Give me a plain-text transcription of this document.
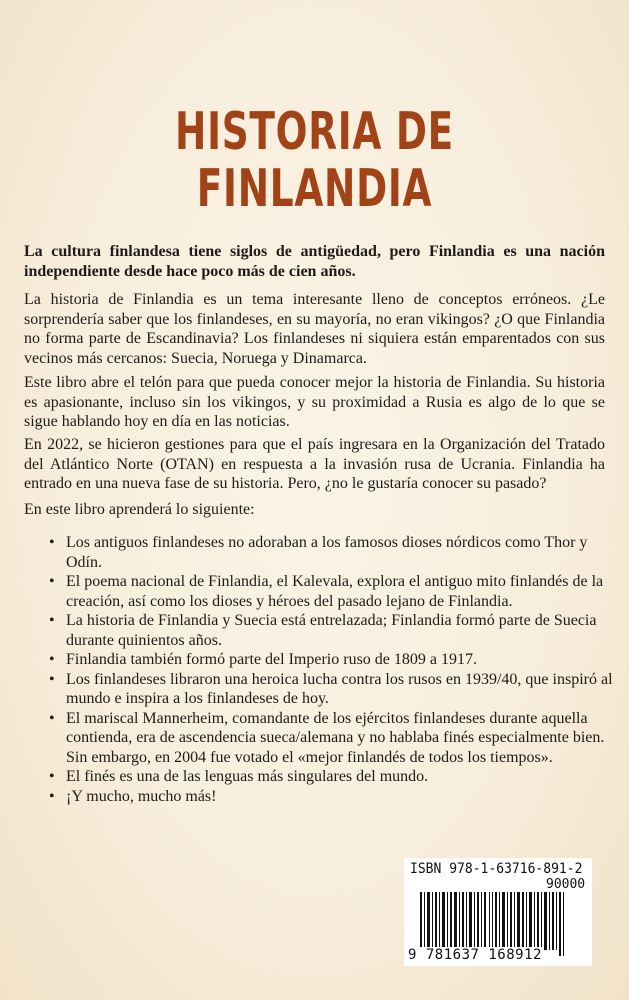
HISTORIA DE
FINLANDIA

La cultura finlandesa tiene siglos de antigüedad, pero Finlandia es una nación independiente desde hace poco más de cien años.

La historia de Finlandia es un tema interesante lleno de conceptos erróneos. ¿Le sorprendería saber que los finlandeses, en su mayoría, no eran vikingos? ¿O que Finlandia no forma parte de Escandinavia? Los finlandeses ni siquiera están emparentados con sus vecinos más cercanos: Suecia, Noruega y Dinamarca.

Este libro abre el telón para que pueda conocer mejor la historia de Finlandia. Su historia es apasionante, incluso sin los vikingos, y su proximidad a Rusia es algo de lo que se sigue hablando hoy en día en las noticias.

En 2022, se hicieron gestiones para que el país ingresara en la Organización del Tratado del Atlántico Norte (OTAN) en respuesta a la invasión rusa de Ucrania. Finlandia ha entrado en una nueva fase de su historia. Pero, ¿no le gustaría conocer su pasado?

En este libro aprenderá lo siguiente:

• Los antiguos finlandeses no adoraban a los famosos dioses nórdicos como Thor y Odín.
• El poema nacional de Finlandia, el Kalevala, explora el antiguo mito finlandés de la creación, así como los dioses y héroes del pasado lejano de Finlandia.
• La historia de Finlandia y Suecia está entrelazada; Finlandia formó parte de Suecia durante quinientos años.
• Finlandia también formó parte del Imperio ruso de 1809 a 1917.
• Los finlandeses libraron una heroica lucha contra los rusos en 1939/40, que inspiró al mundo e inspira a los finlandeses de hoy.
• El mariscal Mannerheim, comandante de los ejércitos finlandeses durante aquella contienda, era de ascendencia sueca/alemana y no hablaba finés especialmente bien. Sin embargo, en 2004 fue votado el «mejor finlandés de todos los tiempos».
• El finés es una de las lenguas más singulares del mundo.
• ¡Y mucho, mucho más!
ISBN 978-1-63716-891-2
90000
9 781637 168912
